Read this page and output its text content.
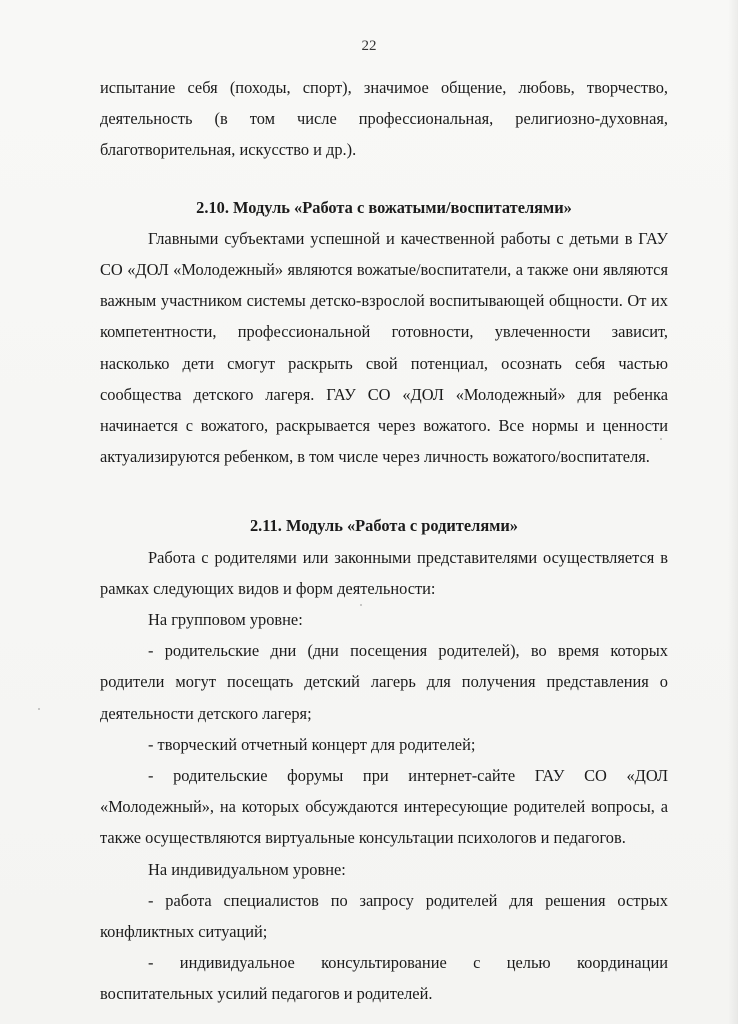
22

испытание себя (походы, спорт), значимое общение, любовь, творчество, деятельность (в том числе профессиональная, религиозно-духовная, благотворительная, искусство и др.).

2.10. Модуль «Работа с вожатыми/воспитателями»

Главными субъектами успешной и качественной работы с детьми в ГАУ СО «ДОЛ «Молодежный» являются вожатые/воспитатели, а также они являются важным участником системы детско-взрослой воспитывающей общности. От их компетентности, профессиональной готовности, увлеченности зависит, насколько дети смогут раскрыть свой потенциал, осознать себя частью сообщества детского лагеря. ГАУ СО «ДОЛ «Молодежный» для ребенка начинается с вожатого, раскрывается через вожатого. Все нормы и ценности актуализируются ребенком, в том числе через личность вожатого/воспитателя.

2.11. Модуль «Работа с родителями»

Работа с родителями или законными представителями осуществляется в рамках следующих видов и форм деятельности:

На групповом уровне:

- родительские дни (дни посещения родителей), во время которых родители могут посещать детский лагерь для получения представления о деятельности детского лагеря;

- творческий отчетный концерт для родителей;

- родительские форумы при интернет-сайте ГАУ СО «ДОЛ «Молодежный», на которых обсуждаются интересующие родителей вопросы, а также осуществляются виртуальные консультации психологов и педагогов.

На индивидуальном уровне:

- работа специалистов по запросу родителей для решения острых конфликтных ситуаций;

- индивидуальное консультирование с целью координации воспитательных усилий педагогов и родителей.
